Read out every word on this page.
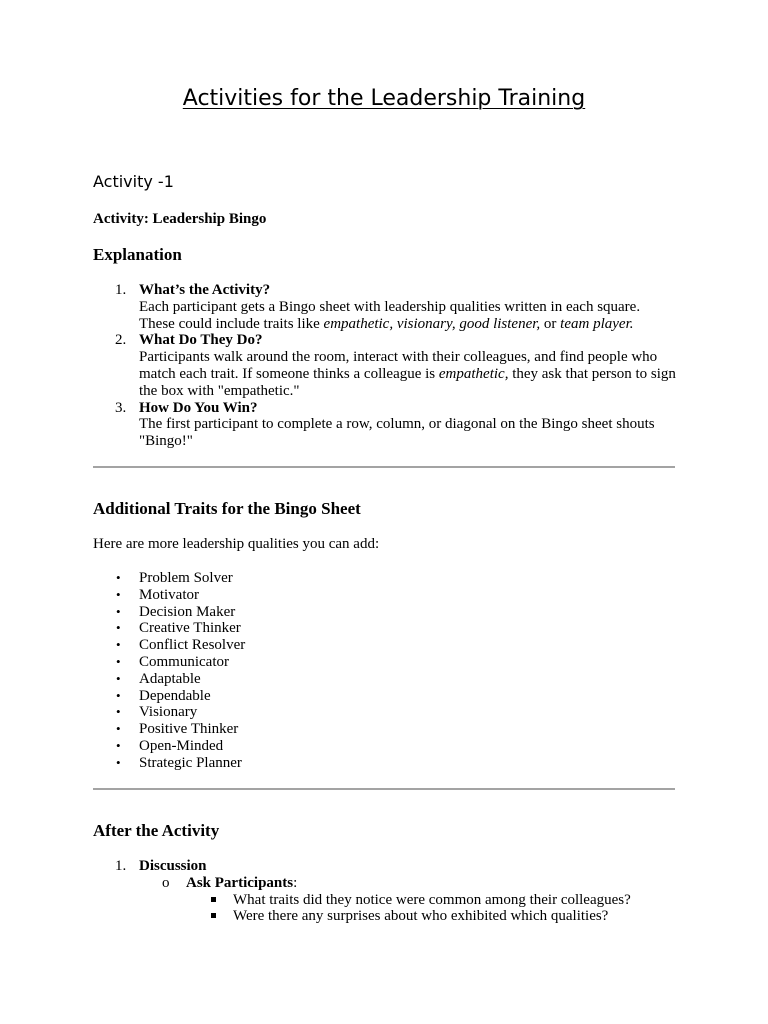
Activities for the Leadership Training
Activity -1
Activity: Leadership Bingo
Explanation
1. What’s the Activity?
Each participant gets a Bingo sheet with leadership qualities written in each square.
These could include traits like empathetic, visionary, good listener, or team player.
2. What Do They Do?
Participants walk around the room, interact with their colleagues, and find people who match each trait. If someone thinks a colleague is empathetic, they ask that person to sign the box with "empathetic."
3. How Do You Win?
The first participant to complete a row, column, or diagonal on the Bingo sheet shouts "Bingo!"
Additional Traits for the Bingo Sheet
Here are more leadership qualities you can add:
• Problem Solver
• Motivator
• Decision Maker
• Creative Thinker
• Conflict Resolver
• Communicator
• Adaptable
• Dependable
• Visionary
• Positive Thinker
• Open-Minded
• Strategic Planner
After the Activity
1. Discussion
o Ask Participants:
What traits did they notice were common among their colleagues?
Were there any surprises about who exhibited which qualities?
